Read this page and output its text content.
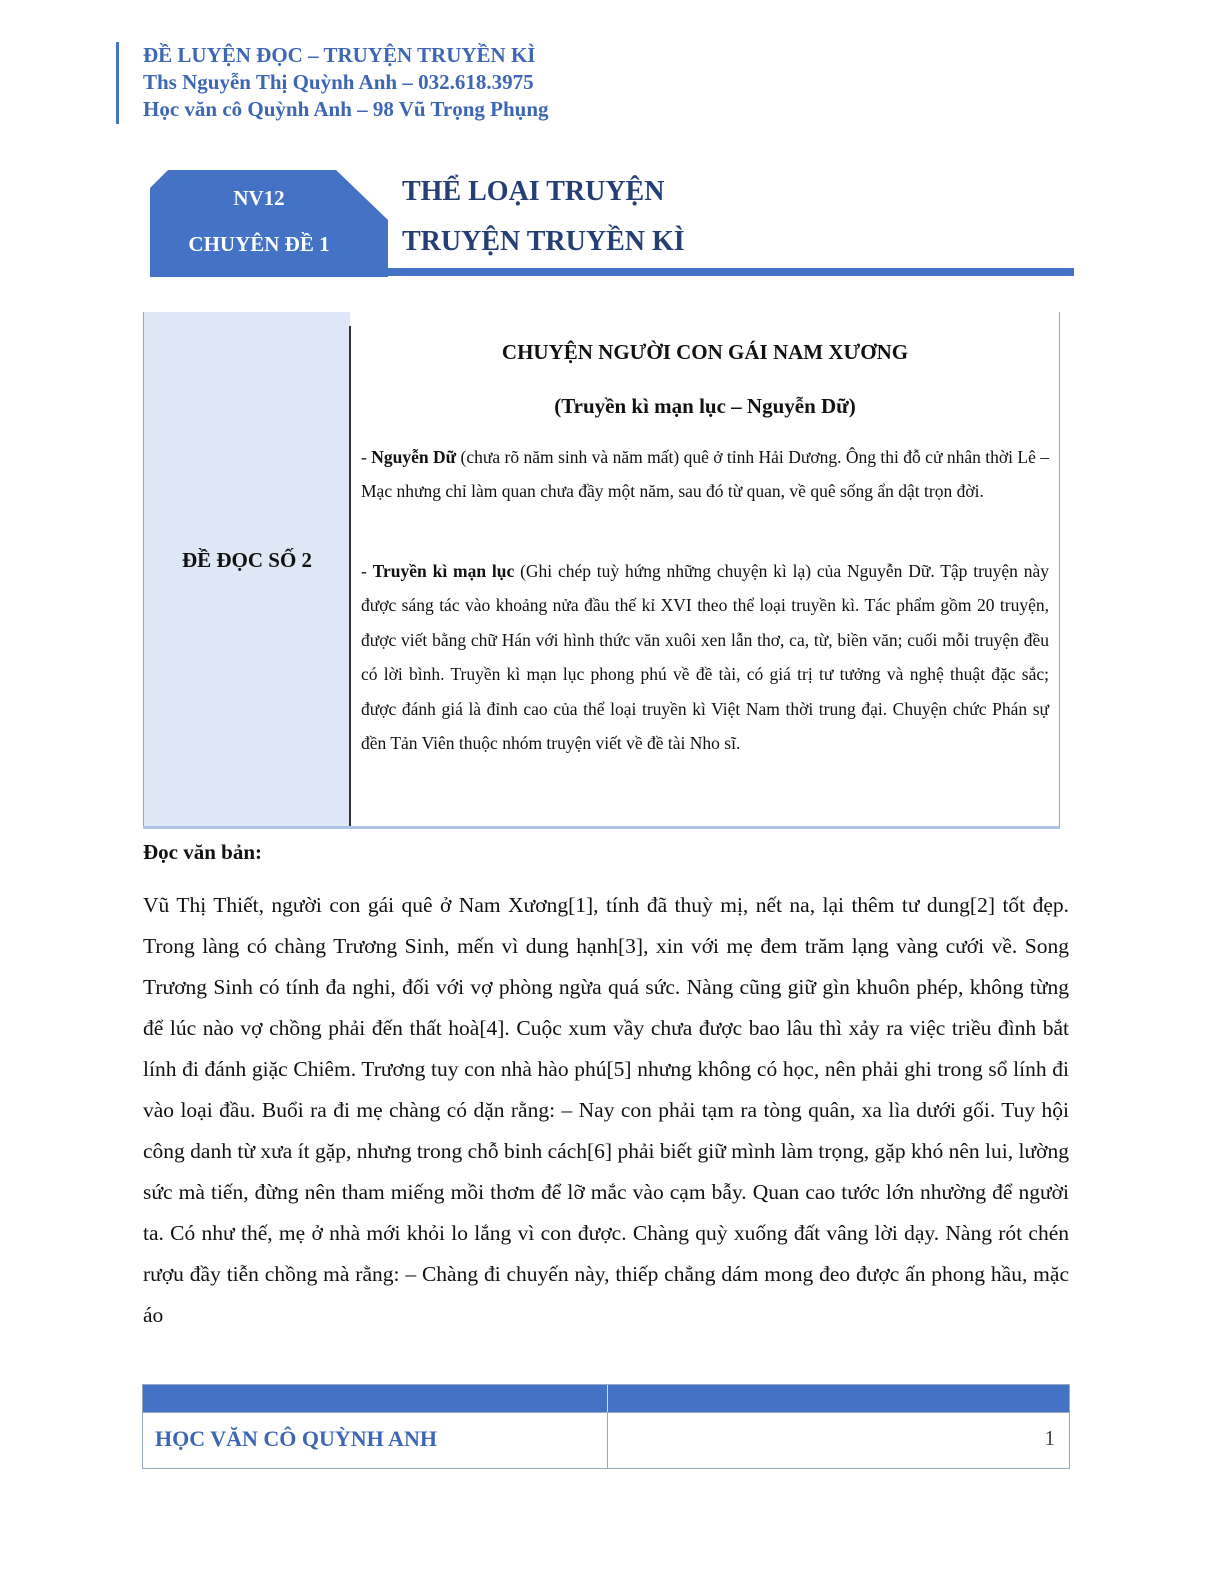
ĐỀ LUYỆN ĐỌC – TRUYỆN TRUYỀN KÌ
Ths Nguyễn Thị Quỳnh Anh – 032.618.3975
Học văn cô Quỳnh Anh – 98 Vũ Trọng Phụng
NV12
CHUYÊN ĐỀ 1
THỂ LOẠI TRUYỆN
TRUYỆN TRUYỀN KÌ
ĐỀ ĐỌC SỐ 2
CHUYỆN NGƯỜI CON GÁI NAM XƯƠNG
(Truyền kì mạn lục – Nguyễn Dữ)

- Nguyễn Dữ (chưa rõ năm sinh và năm mất) quê ở tỉnh Hải Dương. Ông thi đỗ cử nhân thời Lê – Mạc nhưng chỉ làm quan chưa đầy một năm, sau đó từ quan, về quê sống ẩn dật trọn đời.

- Truyền kì mạn lục (Ghi chép tuỳ hứng những chuyện kì lạ) của Nguyễn Dữ. Tập truyện này được sáng tác vào khoảng nửa đầu thế kỉ XVI theo thể loại truyền kì. Tác phẩm gồm 20 truyện, được viết bằng chữ Hán với hình thức văn xuôi xen lẫn thơ, ca, từ, biền văn; cuối mỗi truyện đều có lời bình. Truyền kì mạn lục phong phú về đề tài, có giá trị tư tưởng và nghệ thuật đặc sắc; được đánh giá là đỉnh cao của thể loại truyền kì Việt Nam thời trung đại. Chuyện chức Phán sự đền Tản Viên thuộc nhóm truyện viết về đề tài Nho sĩ.

Đọc văn bản:

Vũ Thị Thiết, người con gái quê ở Nam Xương[1], tính đã thuỳ mị, nết na, lại thêm tư dung[2] tốt đẹp. Trong làng có chàng Trương Sinh, mến vì dung hạnh[3], xin với mẹ đem trăm lạng vàng cưới về. Song Trương Sinh có tính đa nghi, đối với vợ phòng ngừa quá sức. Nàng cũng giữ gìn khuôn phép, không từng để lúc nào vợ chồng phải đến thất hoà[4]. Cuộc xum vầy chưa được bao lâu thì xảy ra việc triều đình bắt lính đi đánh giặc Chiêm. Trương tuy con nhà hào phú[5] nhưng không có học, nên phải ghi trong sổ lính đi vào loại đầu. Buổi ra đi mẹ chàng có dặn rằng: – Nay con phải tạm ra tòng quân, xa lìa dưới gối. Tuy hội công danh từ xưa ít gặp, nhưng trong chỗ binh cách[6] phải biết giữ mình làm trọng, gặp khó nên lui, lường sức mà tiến, đừng nên tham miếng mồi thơm để lỡ mắc vào cạm bẫy. Quan cao tước lớn nhường để người ta. Có như thế, mẹ ở nhà mới khỏi lo lắng vì con được. Chàng quỳ xuống đất vâng lời dạy. Nàng rót chén rượu đầy tiễn chồng mà rằng: – Chàng đi chuyến này, thiếp chẳng dám mong đeo được ấn phong hầu, mặc áo

HỌC VĂN CÔ QUỲNH ANH	1
